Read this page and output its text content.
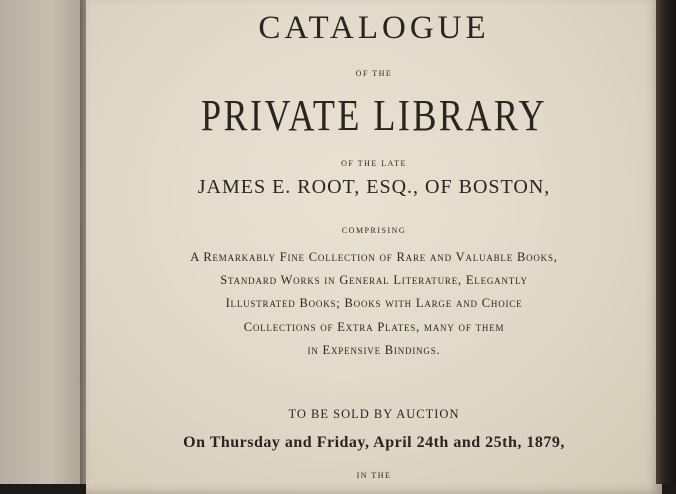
CATALOGUE
OF THE
PRIVATE LIBRARY
OF THE LATE
JAMES E. ROOT, ESQ., OF BOSTON,
COMPRISING
A Remarkably Fine Collection of Rare and Valuable Books,
Standard Works in General Literature, Elegantly
Illustrated Books; Books with Large and Choice
Collections of Extra Plates, many of them
in Expensive Bindings.
TO BE SOLD BY AUCTION
On Thursday and Friday, April 24th and 25th, 1879,
IN THE
